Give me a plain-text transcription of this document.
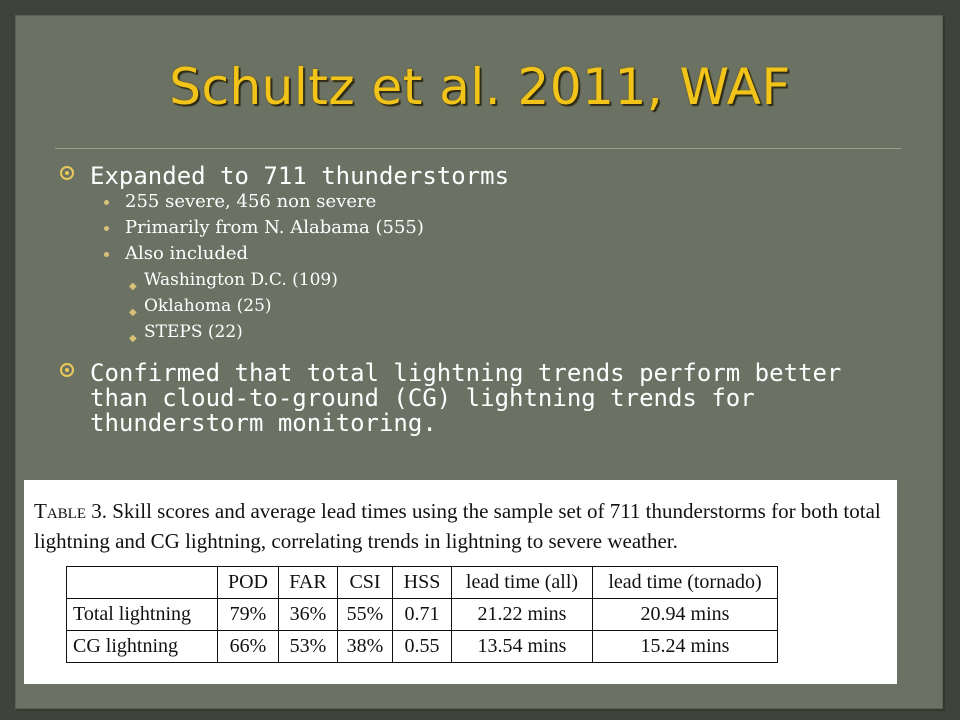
Schultz et al. 2011, WAF
Expanded to 711 thunderstorms
255 severe, 456 non severe
Primarily from N. Alabama (555)
Also included
◆ Washington D.C. (109)
◆ Oklahoma (25)
◆ STEPS (22)
Confirmed that total lightning trends perform better than cloud-to-ground (CG) lightning trends for thunderstorm monitoring.
Table 3. Skill scores and average lead times using the sample set of 711 thunderstorms for both total lightning and CG lightning, correlating trends in lightning to severe weather.
	POD	FAR	CSI	HSS	lead time (all)	lead time (tornado)
Total lightning	79%	36%	55%	0.71	21.22 mins	20.94 mins
CG lightning	66%	53%	38%	0.55	13.54 mins	15.24 mins
